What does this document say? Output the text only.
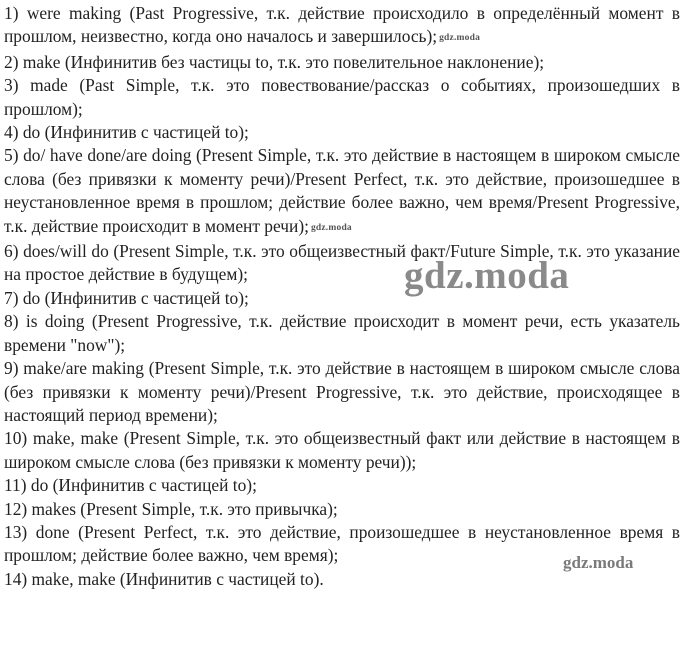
1) were making (Past Progressive, т.к. действие происходило в определённый момент в прошлом, неизвестно, когда оно началось и завершилось); gdz.moda

2) make (Инфинитив без частицы to, т.к. это повелительное наклонение);

3) made (Past Simple, т.к. это повествование/рассказ о событиях, произошедших в прошлом);

4) do (Инфинитив с частицей to);

5) do/ have done/are doing (Present Simple, т.к. это действие в настоящем в широком смысле слова (без привязки к моменту речи)/Present Perfect, т.к. это действие, произошедшее в неустановленное время в прошлом; действие более важно, чем время/Present Progressive, т.к. действие происходит в момент речи); gdz.moda

6) does/will do (Present Simple, т.к. это общеизвестный факт/Future Simple, т.к. это указание на простое действие в будущем);

7) do (Инфинитив с частицей to);

8) is doing (Present Progressive, т.к. действие происходит в момент речи, есть указатель времени "now");

9) make/are making (Present Simple, т.к. это действие в настоящем в широком смысле слова (без привязки к моменту речи)/Present Progressive, т.к. это действие, происходящее в настоящий период времени);

10) make, make (Present Simple, т.к. это общеизвестный факт или действие в настоящем в широком смысле слова (без привязки к моменту речи));

11) do (Инфинитив с частицей to);

12) makes (Present Simple, т.к. это привычка);

13) done (Present Perfect, т.к. это действие, произошедшее в неустановленное время в прошлом; действие более важно, чем время);

14) make, make (Инфинитив с частицей to).

gdz.moda
gdz.moda
